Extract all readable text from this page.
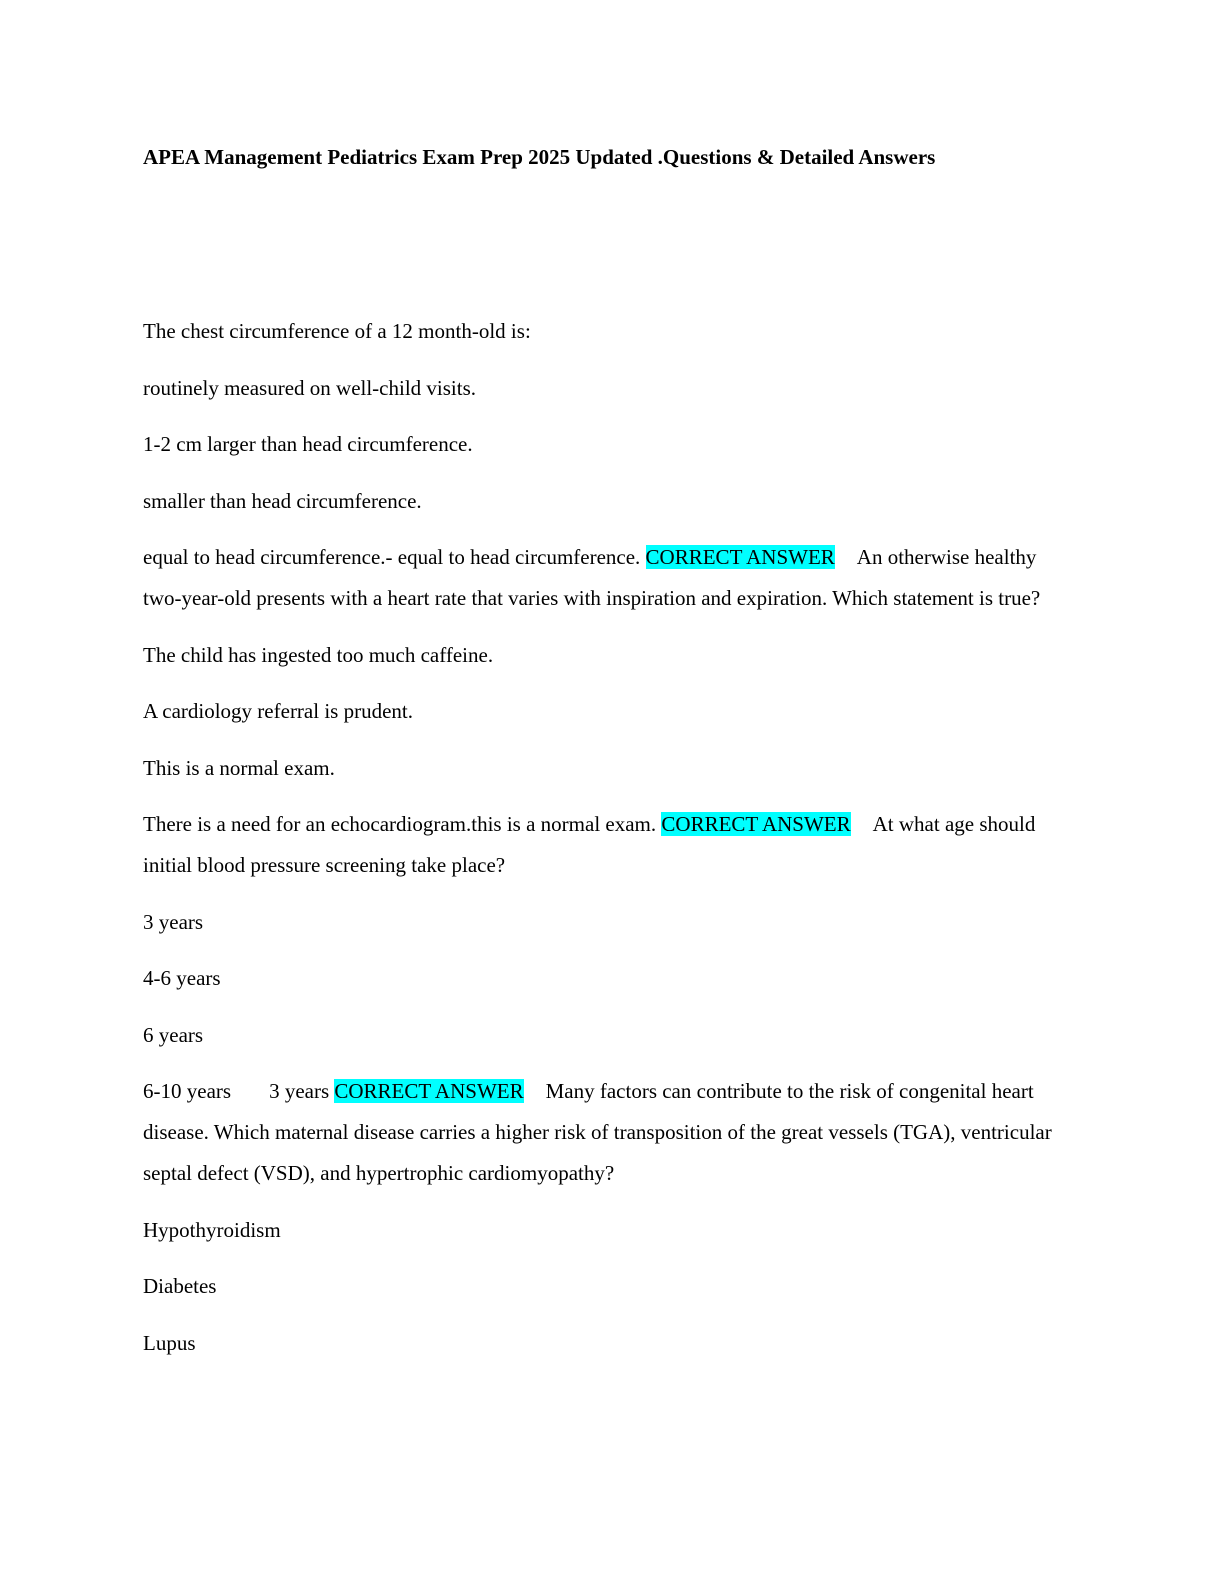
APEA Management Pediatrics Exam Prep 2025 Updated .Questions & Detailed Answers
The chest circumference of a 12 month-old is:
routinely measured on well-child visits.
1-2 cm larger than head circumference.
smaller than head circumference.
equal to head circumference.- equal to head circumference. CORRECT ANSWER An otherwise healthy two-year-old presents with a heart rate that varies with inspiration and expiration. Which statement is true?
The child has ingested too much caffeine.
A cardiology referral is prudent.
This is a normal exam.
There is a need for an echocardiogram.this is a normal exam. CORRECT ANSWER At what age should initial blood pressure screening take place?
3 years
4-6 years
6 years
6-10 years 3 years CORRECT ANSWER Many factors can contribute to the risk of congenital heart disease. Which maternal disease carries a higher risk of transposition of the great vessels (TGA), ventricular septal defect (VSD), and hypertrophic cardiomyopathy?
Hypothyroidism
Diabetes
Lupus
